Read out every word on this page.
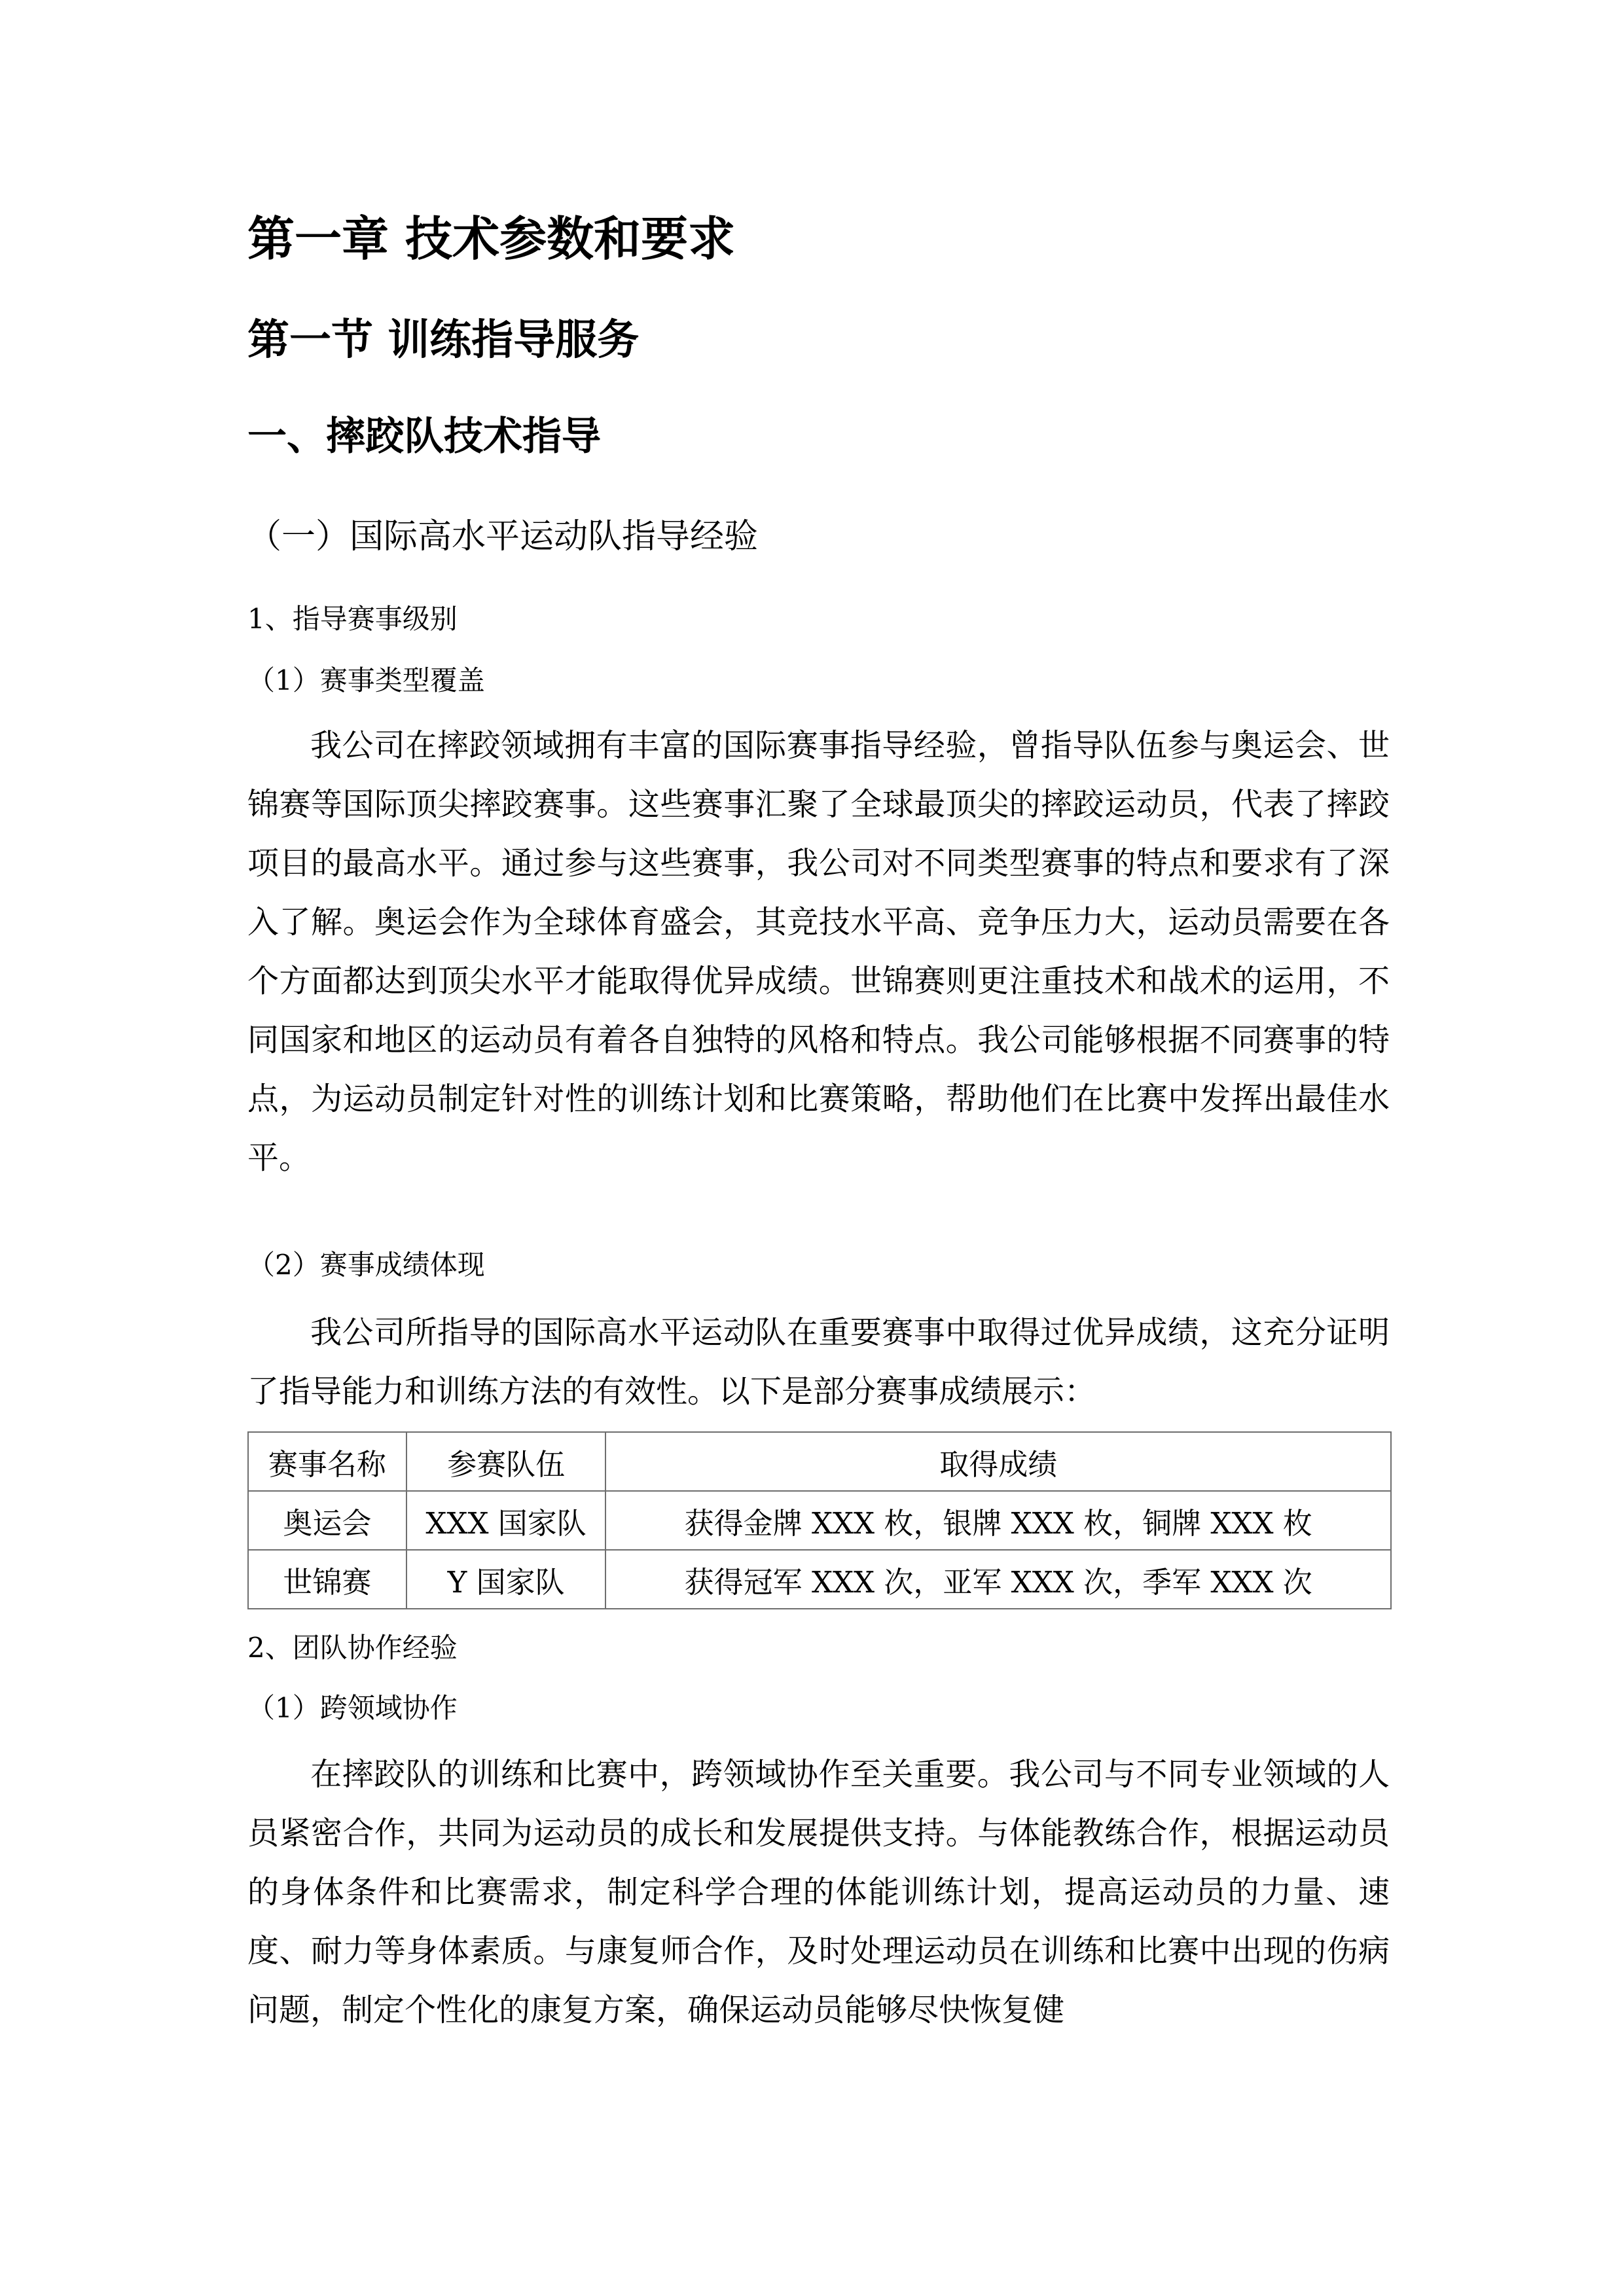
第一章 技术参数和要求
第一节 训练指导服务
一、摔跤队技术指导
（一）国际高水平运动队指导经验
1、指导赛事级别
（1）赛事类型覆盖

我公司在摔跤领域拥有丰富的国际赛事指导经验，曾指导队伍参与奥运会、世锦赛等国际顶尖摔跤赛事。这些赛事汇聚了全球最顶尖的摔跤运动员，代表了摔跤项目的最高水平。通过参与这些赛事，我公司对不同类型赛事的特点和要求有了深入了解。奥运会作为全球体育盛会，其竞技水平高、竞争压力大，运动员需要在各个方面都达到顶尖水平才能取得优异成绩。世锦赛则更注重技术和战术的运用，不同国家和地区的运动员有着各自独特的风格和特点。我公司能够根据不同赛事的特点，为运动员制定针对性的训练计划和比赛策略，帮助他们在比赛中发挥出最佳水平。

（2）赛事成绩体现

我公司所指导的国际高水平运动队在重要赛事中取得过优异成绩，这充分证明了指导能力和训练方法的有效性。以下是部分赛事成绩展示：

赛事名称	参赛队伍	取得成绩
奥运会	XXX 国家队	获得金牌 XXX 枚，银牌 XXX 枚，铜牌 XXX 枚
世锦赛	Y 国家队	获得冠军 XXX 次，亚军 XXX 次，季军 XXX 次
2、团队协作经验
（1）跨领域协作

在摔跤队的训练和比赛中，跨领域协作至关重要。我公司与不同专业领域的人员紧密合作，共同为运动员的成长和发展提供支持。与体能教练合作，根据运动员的身体条件和比赛需求，制定科学合理的体能训练计划，提高运动员的力量、速度、耐力等身体素质。与康复师合作，及时处理运动员在训练和比赛中出现的伤病问题，制定个性化的康复方案，确保运动员能够尽快恢复健
